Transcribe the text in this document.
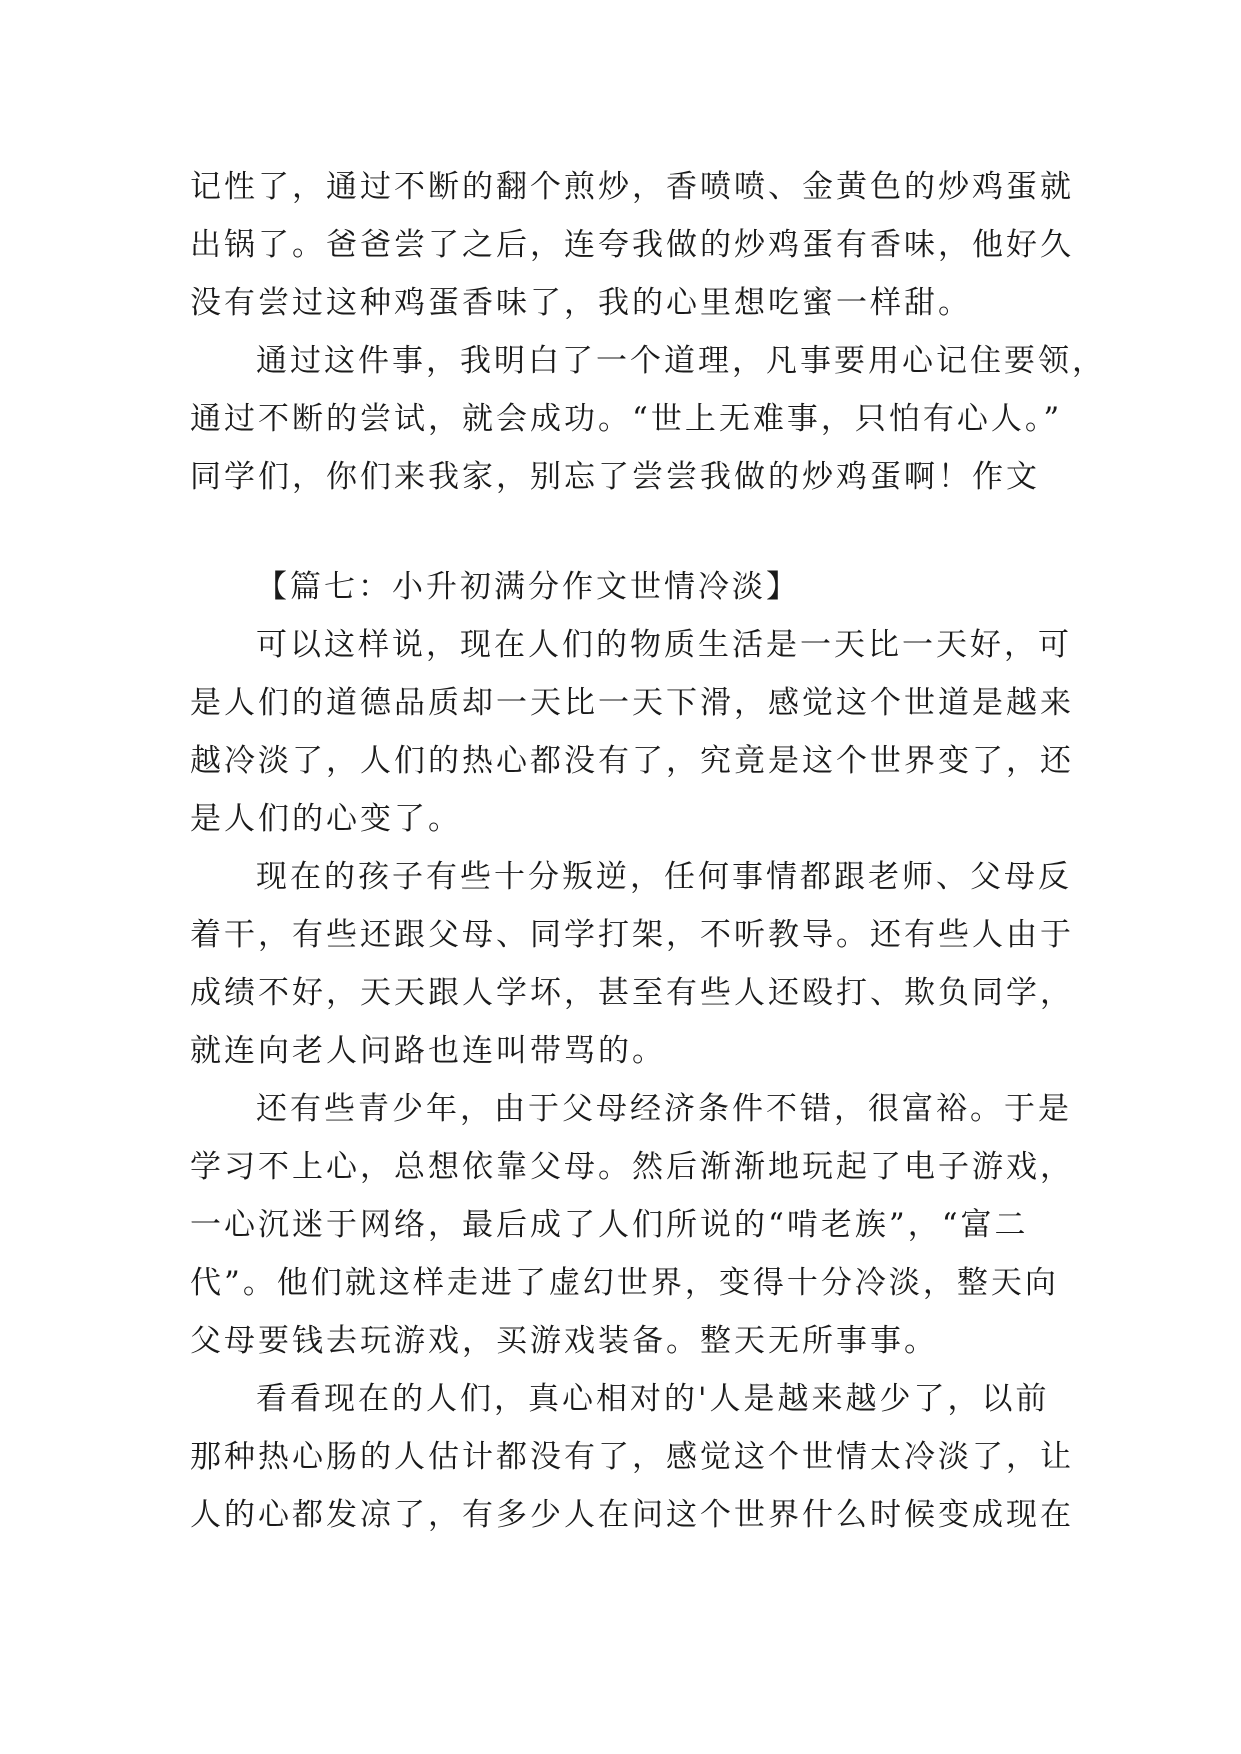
记性了，通过不断的翻个煎炒，香喷喷、金黄色的炒鸡蛋就
出锅了。爸爸尝了之后，连夸我做的炒鸡蛋有香味，他好久
没有尝过这种鸡蛋香味了，我的心里想吃蜜一样甜。
通过这件事，我明白了一个道理，凡事要用心记住要领，
通过不断的尝试，就会成功。“世上无难事，只怕有心人。”
同学们，你们来我家，别忘了尝尝我做的炒鸡蛋啊！作文
【篇七：小升初满分作文世情冷淡】
可以这样说，现在人们的物质生活是一天比一天好，可
是人们的道德品质却一天比一天下滑，感觉这个世道是越来
越冷淡了，人们的热心都没有了，究竟是这个世界变了，还
是人们的心变了。
现在的孩子有些十分叛逆，任何事情都跟老师、父母反
着干，有些还跟父母、同学打架，不听教导。还有些人由于
成绩不好，天天跟人学坏，甚至有些人还殴打、欺负同学，
就连向老人问路也连叫带骂的。
还有些青少年，由于父母经济条件不错，很富裕。于是
学习不上心，总想依靠父母。然后渐渐地玩起了电子游戏，
一心沉迷于网络，最后成了人们所说的“啃老族”，“富二
代”。他们就这样走进了虚幻世界，变得十分冷淡，整天向
父母要钱去玩游戏，买游戏装备。整天无所事事。
看看现在的人们，真心相对的'人是越来越少了，以前
那种热心肠的人估计都没有了，感觉这个世情太冷淡了，让
人的心都发凉了，有多少人在问这个世界什么时候变成现在
